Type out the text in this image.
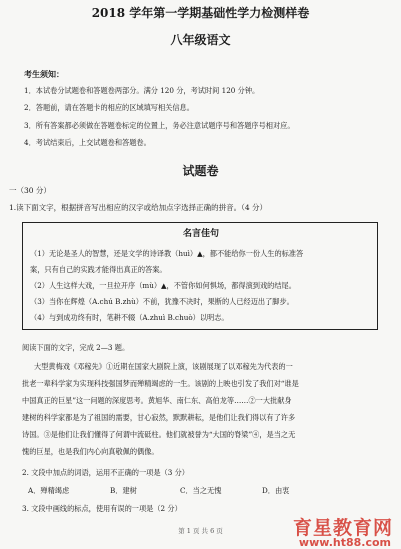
2018 学年第一学期基础性学力检测样卷
八年级语文
考生须知：
1．本试卷分试题卷和答题卷两部分。满分 120 分，考试时间 120 分钟。
2．答题前，请在答题卡的相应的区域填写相关信息。
3．所有答案都必须做在答题卷标定的位置上，务必注意试题序号和答题序号相对应。
4．考试结束后，上交试题卷和答题卷。
试题卷
一（30 分）
1.读下面文字，根据拼音写出相应的汉字或给加点字选择正确的拼音。（4 分）
名言佳句
（1）无论是圣人的智慧，还是文学的诗译教（huì）▲，都不能给你一份人生的标准答
案，只有自己的实践才能得出真正的答案。
（2）人生这样大戏，一旦拉开序（mù）▲，不管你如何惧场，都得演到戏的结尾。
（3）当你在辉煌（A.chú B.zhù）不前，犹豫不决时，果断的人已经迈出了脚步。
（4）与到成功终有时，笔耕不辍（A.zhuì B.chuò）以明志。
阅读下面的文字，完成 2—3 题。
大型黄梅戏《邓稼先》①近期在国家大剧院上演，该剧展现了以邓稼先为代表的一
批老一辈科学家为实现科技强国梦而殚精竭虑的一生。该剧的上映也引发了我们对“谁是
中国真正的巨星”这一问题的深度思考。黄旭华、南仁东、高伯龙等……②一大批献身
建树的科学家都是为了祖国的需要，甘心寂然，默默耕耘，是他们让我们得以有了许多
诗国。③是他们让我们懂得了何谓中流砥柱。他们就被誉为“大国的脊梁”④，是当之无
愧的巨星，也是我们内心向真敬佩的偶像。
2. 文段中加点的词语，运用不正确的一项是（3 分）
A．殚精竭虑	B．建树	C．当之无愧	D．由衷
3. 文段中画线的标点，使用有误的一项是（2 分）
第 1 页 共 6 页	育星教育网
www.ht88.com
